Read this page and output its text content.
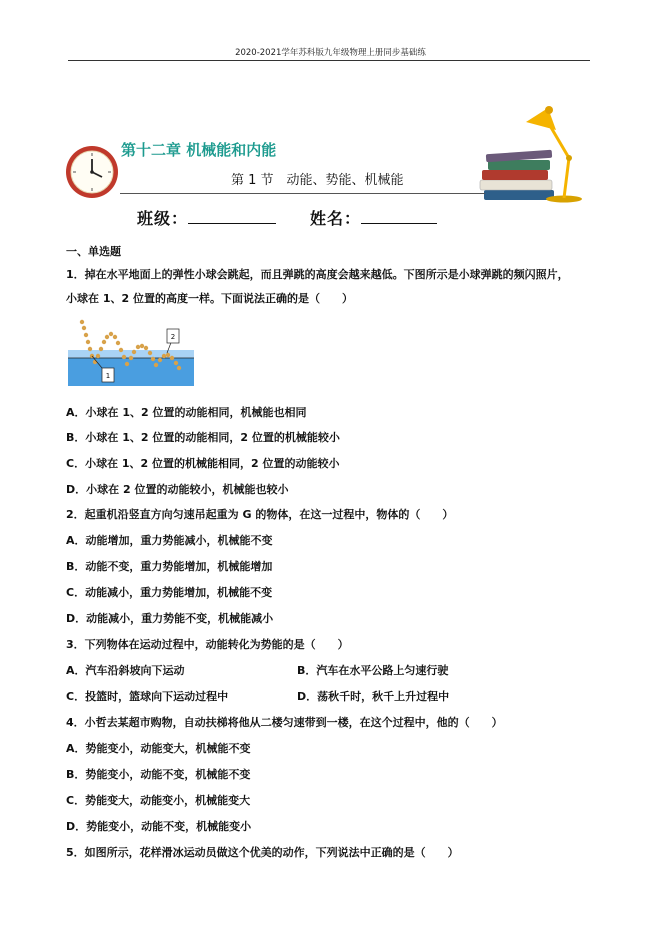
2020-2021学年苏科版九年级物理上册同步基础练
第十二章 机械能和内能
第 1 节　动能、势能、机械能
班级：	姓名：
一、单选题
1．掉在水平地面上的弹性小球会跳起，而且弹跳的高度会越来越低。下图所示是小球弹跳的频闪照片，
小球在 1、2 位置的高度一样。下面说法正确的是（　　）
1
2
A．小球在 1、2 位置的动能相同，机械能也相同
B．小球在 1、2 位置的动能相同，2 位置的机械能较小
C．小球在 1、2 位置的机械能相同，2 位置的动能较小
D．小球在 2 位置的动能较小，机械能也较小
2．起重机沿竖直方向匀速吊起重为 G 的物体，在这一过程中，物体的（　　）
A．动能增加，重力势能减小，机械能不变
B．动能不变，重力势能增加，机械能增加
C．动能减小，重力势能增加，机械能不变
D．动能减小，重力势能不变，机械能减小
3．下列物体在运动过程中，动能转化为势能的是（　　）
A．汽车沿斜坡向下运动	B．汽车在水平公路上匀速行驶
C．投篮时，篮球向下运动过程中	D．荡秋千时，秋千上升过程中
4．小哲去某超市购物，自动扶梯将他从二楼匀速带到一楼，在这个过程中，他的（　　）
A．势能变小，动能变大，机械能不变
B．势能变小，动能不变，机械能不变
C．势能变大，动能变小，机械能变大
D．势能变小，动能不变，机械能变小
5．如图所示，花样滑冰运动员做这个优美的动作，下列说法中正确的是（　　）
